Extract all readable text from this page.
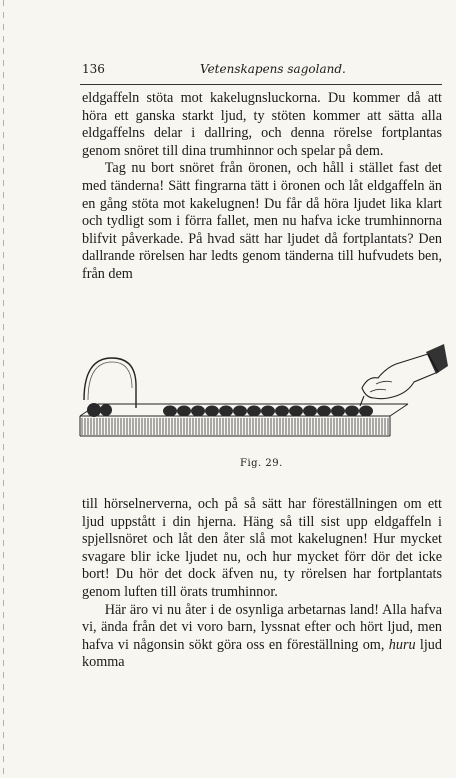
136	Vetenskapens sagoland.

eldgaffeln stöta mot kakelugnsluckorna. Du kommer då att höra ett ganska starkt ljud, ty stöten kommer att sätta alla eldgaffelns delar i dallring, och denna rörelse fortplantas genom snöret till dina trumhinnor och spelar på dem.

Tag nu bort snöret från öronen, och håll i stället fast det med tänderna! Sätt fingrarna tätt i öronen och låt eldgaffeln än en gång stöta mot kakelugnen! Du får då höra ljudet lika klart och tydligt som i förra fallet, men nu hafva icke trumhinnorna blifvit påverkade. På hvad sätt har ljudet då fortplantats? Den dallrande rörelsen har ledts genom tänderna till hufvudets ben, från dem

Fig. 29.

till hörselnerverna, och på så sätt har föreställningen om ett ljud uppstått i din hjerna. Häng så till sist upp eldgaffeln i spjellsnöret och låt den åter slå mot kakelugnen! Hur mycket svagare blir icke ljudet nu, och hur mycket förr dör det icke bort! Du hör det dock äfven nu, ty rörelsen har fortplantats genom luften till örats trumhinnor.

Här äro vi nu åter i de osynliga arbetarnas land! Alla hafva vi, ända från det vi voro barn, lyssnat efter och hört ljud, men hafva vi någonsin sökt göra oss en föreställning om, huru ljud komma
